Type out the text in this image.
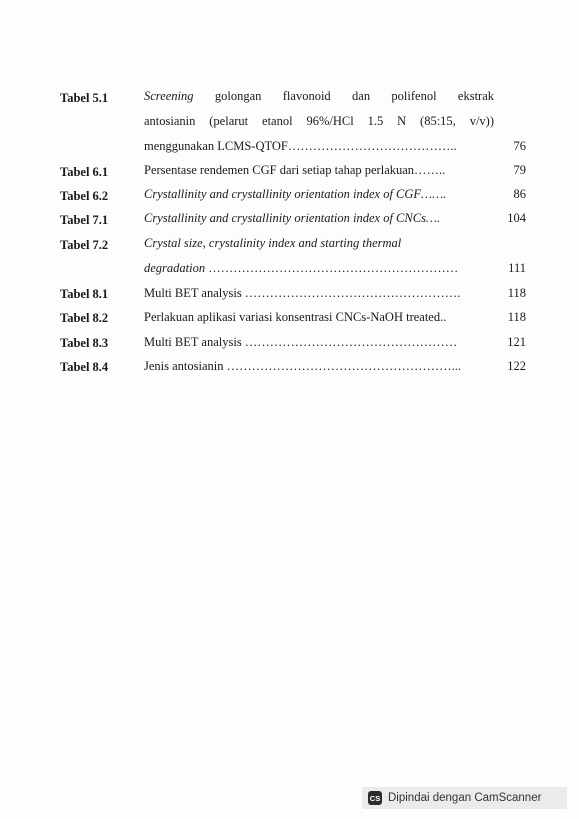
Tabel 5.1	Screening golongan flavonoid dan polifenol ekstrak
antosianin (pelarut etanol 96%/HCl 1.5 N (85:15, v/v))
menggunakan LCMS-QTOF…………………………………..	76
Tabel 6.1	Persentase rendemen CGF dari setiap tahap perlakuan……..	79
Tabel 6.2	Crystallinity and crystallinity orientation index of CGF…….	86
Tabel 7.1	Crystallinity and crystallinity orientation index of CNCs….	104
Tabel 7.2	Crystal size, crystalinity index and starting thermal
degradation ……………………………………………………	111
Tabel 8.1	Multi BET analysis …………………………………………….	118
Tabel 8.2	Perlakuan aplikasi variasi konsentrasi CNCs-NaOH treated..	118
Tabel 8.3	Multi BET analysis ……………………………………………	121
Tabel 8.4	Jenis antosianin ………………………………………………...	122
CS Dipindai dengan CamScanner
